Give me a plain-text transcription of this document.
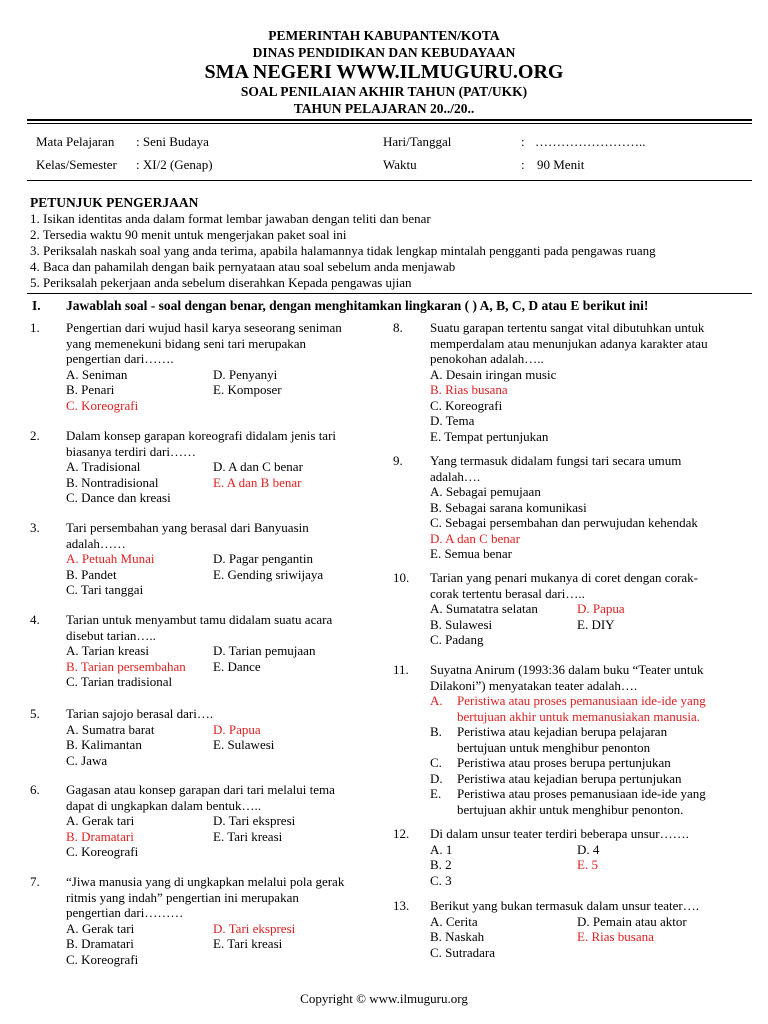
PEMERINTAH KABUPANTEN/KOTA
DINAS PENDIDIKAN DAN KEBUDAYAAN
SMA NEGERI WWW.ILMUGURU.ORG
SOAL PENILAIAN AKHIR TAHUN (PAT/UKK)
TAHUN PELAJARAN 20../20..
Mata Pelajaran : Seni Budaya	Hari/Tanggal	: ……………………..
Kelas/Semester : XI/2 (Genap)	Waktu	: 90 Menit
PETUNJUK PENGERJAAN
1. Isikan identitas anda dalam format lembar jawaban dengan teliti dan benar
2. Tersedia waktu 90 menit untuk mengerjakan paket soal ini
3. Periksalah naskah soal yang anda terima, apabila halamannya tidak lengkap mintalah pengganti pada pengawas ruang
4. Baca dan pahamilah dengan baik pernyataan atau soal sebelum anda menjawab
5. Periksalah pekerjaan anda sebelum diserahkan Kepada pengawas ujian
I. Jawablah soal - soal dengan benar, dengan menghitamkan lingkaran ( ) A, B, C, D atau E berikut ini!
1. Pengertian dari wujud hasil karya seseorang seniman
yang memenekuni bidang seni tari merupakan
pengertian dari…….
A. Seniman	D. Penyanyi
B. Penari	E. Komposer
C. Koreografi
2. Dalam konsep garapan koreografi didalam jenis tari
biasanya terdiri dari……
A. Tradisional	D. A dan C benar
B. Nontradisional	E. A dan B benar
C. Dance dan kreasi
3. Tari persembahan yang berasal dari Banyuasin
adalah……
A. Petuah Munai	D. Pagar pengantin
B. Pandet	E. Gending sriwijaya
C. Tari tanggai
4. Tarian untuk menyambut tamu didalam suatu acara
disebut tarian…..
A. Tarian kreasi	D. Tarian pemujaan
B. Tarian persembahan E. Dance
C. Tarian tradisional
5. Tarian sajojo berasal dari….
A. Sumatra barat	D. Papua
B. Kalimantan	E. Sulawesi
C. Jawa
6. Gagasan atau konsep garapan dari tari melalui tema
dapat di ungkapkan dalam bentuk…..
A. Gerak tari	D. Tari ekspresi
B. Dramatari	E. Tari kreasi
C. Koreografi
7. “Jiwa manusia yang di ungkapkan melalui pola gerak
ritmis yang indah” pengertian ini merupakan
pengertian dari………
A. Gerak tari	D. Tari ekspresi
B. Dramatari	E. Tari kreasi
C. Koreografi
8. Suatu garapan tertentu sangat vital dibutuhkan untuk
memperdalam atau menunjukan adanya karakter atau
penokohan adalah…..
A. Desain iringan music
B. Rias busana
C. Koreografi
D. Tema
E. Tempat pertunjukan
9. Yang termasuk didalam fungsi tari secara umum
adalah….
A. Sebagai pemujaan
B. Sebagai sarana komunikasi
C. Sebagai persembahan dan perwujudan kehendak
D. A dan C benar
E. Semua benar
10. Tarian yang penari mukanya di coret dengan corak-
corak tertentu berasal dari…..
A. Sumatatra selatan	D. Papua
B. Sulawesi	E. DIY
C. Padang
11. Suyatna Anirum (1993:36 dalam buku “Teater untuk
Dilakoni”) menyatakan teater adalah….
A. Peristiwa atau proses pemanusiaan ide-ide yang
bertujuan akhir untuk memanusiakan manusia.
B. Peristiwa atau kejadian berupa pelajaran
bertujuan untuk menghibur penonton
C. Peristiwa atau proses berupa pertunjukan
D. Peristiwa atau kejadian berupa pertunjukan
E. Peristiwa atau proses pemanusiaan ide-ide yang
bertujuan akhir untuk menghibur penonton.
12. Di dalam unsur teater terdiri beberapa unsur…….
A. 1	D. 4
B. 2	E. 5
C. 3
13. Berikut yang bukan termasuk dalam unsur teater….
A. Cerita	D. Pemain atau aktor
B. Naskah	E. Rias busana
C. Sutradara
Copyright © www.ilmuguru.org
